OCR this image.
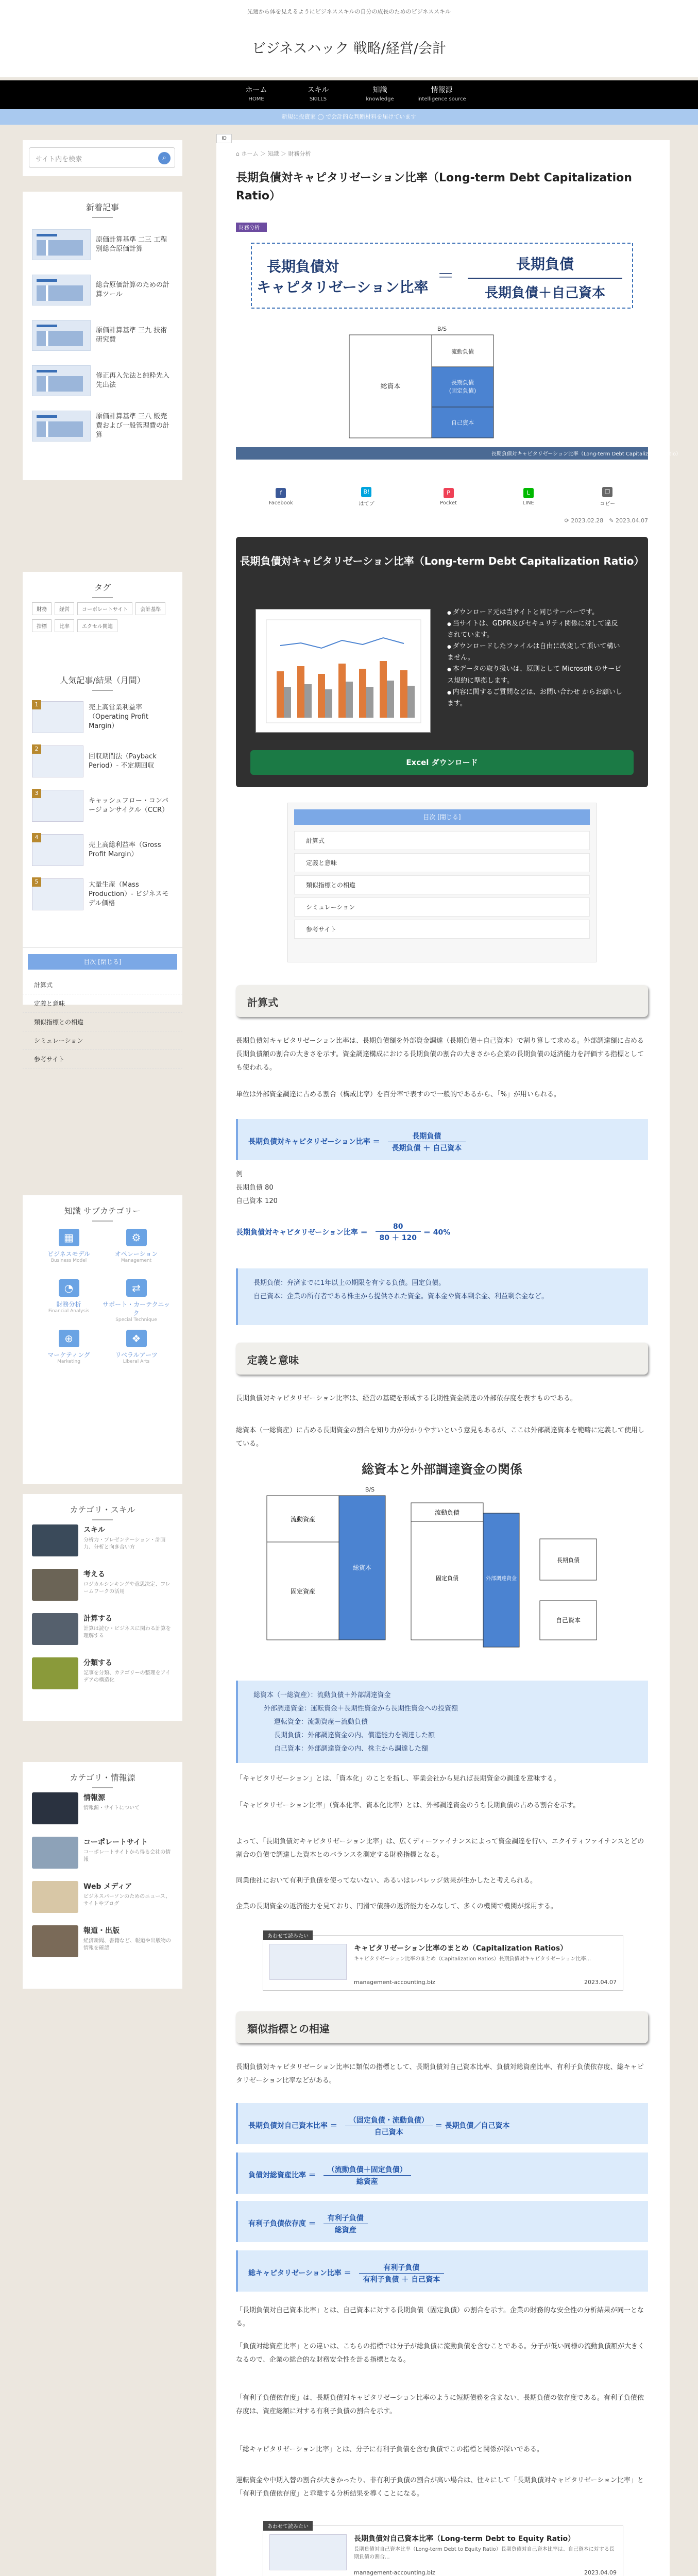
先週から体を見えるようにビジネススキルの自分の成長のためのビジネススキル
ビジネスハック 戦略/経営/会計
ホーム
HOME
スキル
SKILLS
知識
knowledge
情報源
intelligence source
新規に投資家 ◯ で会計的な判断材料を届けています
サイト内を検索	⌕
新着記事
原価計算基準 二三 工程別総合原価計算
総合原価計算のための計算ツール
原価計算基準 三九 技術研究費
修正再入先法と純粋先入先出法
原価計算基準 三八 販売費および一般管理費の計算
タグ
財務	経営	コーポレートサイト	会計基準
指標	比率	エクセル関連
人気記事/結果（月間）
1	売上高営業利益率（Operating Profit Margin）
2
回収期間法（Payback Period）- 不定期回収
3
キャッシュフロー・コンバージョンサイクル（CCR）
4
売上高総利益率（Gross Profit Margin）
5	大量生産（Mass Production）- ビジネスモデル価格
目次 [閉じる]
計算式
定義と意味
類似指標との相違
シミュレーション
参考サイト
知識 サブカテゴリー
▦
ビジネスモデル
Business Model
⚙
オペレーション
Management
◔
財務分析
Financial Analysis
⇄
サポート・カーテクニック
Special Technique
⊕
マーケティング
Marketing
❖
リベラルアーツ
Liberal Arts
カテゴリ・スキル
スキル
分析力・プレゼンテーション・計画力、分析と向き合い方
考える
ロジカルシンキングや意思決定、フレームワークの活用
計算する
計算は読む・ビジネスに関わる計算を理解する
分類する
記事を分類、カテゴリーの整理をアイデアの構造化
カテゴリ・情報源
情報源
情報源・サイトについて
コーポレートサイト
コーポレートサイトから得る会社の情報
Web メディア
ビジネスパーソンのためのニュース、サイトやブログ
報道・出版
経済新聞、書籍など、報道や出版物の情報を確認
ID
⌂ ホーム ＞ 知識 ＞ 財務分析
長期負債対キャピタリゼーション比率（Long-term Debt Capitalization Ratio）
長期負債対
キャピタリゼーション比率
＝
長期負債
長期負債＋自己資本
総資本
流動負債
長期負債
(固定負債)
自己資本
B/S
長期負債対キャピタリゼーション比率（Long-term Debt Capitalization Ratio）
財務分析
f
Facebook
B!
はてブ
P
Pocket
L
LINE
❐
コピー
⟳ 2023.02.28　✎ 2023.04.07
長期負債対キャピタリゼーション比率（Long-term Debt Capitalization Ratio）
● ダウンロード元は当サイトと同じサーバーです。
● 当サイトは、GDPR及びセキュリティ関係に対して違反されています。
● ダウンロードしたファイルは自由に改変して頂いて構いません。
● 本データの取り扱いは、原則として Microsoft のサービス規約に準拠します。
● 内容に関するご質問などは、お問い合わせ からお願いします。
Excel ダウンロード
目次 [閉じる]
計算式
定義と意味
類似指標との相違
シミュレーション
参考サイト
計算式
長期負債対キャピタリゼーション比率は、長期負債額を外部資金調達（長期負債＋自己資本）で割り算して求める。外部調達額に占める長期負債額の割合の大きさを示す。資金調達構成における長期負債の割合の大きさから企業の長期負債の返済能力を評価する指標としても使われる。
単位は外部資金調達に占める割合（構成比率）を百分率で表すので一般的であるから、「%」が用いられる。
長期負債対キャピタリゼーション比率 ＝ $\frac{\text{長期負債}}{\text{長期負債 ＋ 自己資本}}$
例
長期負債 80
自己資本 120
長期負債対キャピタリゼーション比率 ＝ $\frac{80}{80 + 120} = 40\%$
長期負債：弁済までに1年以上の期限を有する負債。固定負債。
自己資本：企業の所有者である株主から提供された資金。資本金や資本剰余金、利益剰余金など。
定義と意味
長期負債対キャピタリゼーション比率は、経営の基礎を形成する長期性資金調達の外部依存度を表すものである。
総資本（一総資産）に占める長期資金の割合を知り力が分かりやすいという意見もあるが、ここは外部調達資本を範疇に定義して使用している。
総資本と外部調達資金の関係
B/S
流動資産
固定資産
総資本
流動負債
固定負債	外部調達資金
長期負債
自己資本
総資本（一総資産）：流動負債＋外部調達資金
外部調達資金：運転資金＋長期性資金から長期性資金への投資額
運転資金：流動資産－流動負債
長期負債：外部調達資金の内、償還能力を調達した額
自己資本：外部調達資金の内、株主から調達した額
「キャピタリゼーション」とは、「資本化」のことを指し、事業会社から見れば長期資金の調達を意味する。
「キャピタリゼーション比率」（資本化率、資本化比率）とは、外部調達資金のうち長期負債の占める割合を示す。
よって、「長期負債対キャピタリゼーション比率」は、広くディーファイナンスによって資金調達を行い、エクイティファイナンスとどの割合の負債で調達した資本とのバランスを測定する財務指標となる。
同業他社において有利子負債を使ってないない、あるいはレバレッジ効果が生かしたと考えられる。
企業の長期資金の返済能力を見ており、円滑で債務の返済能力をみなして、多くの機関で機関が採用する。
あわせて読みたい
キャピタリゼーション比率のまとめ（Capitalization Ratios）
キャピタリゼーション比率のまとめ（Capitalization Ratios）長期負債対キャピタリゼーション比率...
management-accounting.biz	2023.04.07
類似指標との相違
長期負債対キャピタリゼーション比率に類似の指標として、長期負債対自己資本比率、負債対総資産比率、有利子負債依存度、総キャピタリゼーション比率などがある。
長期負債対自己資本比率 ＝ $\frac{\text{（固定負債・流動負債）}}{\text{自己資本}}$ ＝ 長期負債／自己資本
負債対総資産比率 ＝ $\frac{\text{（流動負債＋固定負債）}}{\text{総資産}}$
有利子負債依存度 ＝ $\frac{\text{有利子負債}}{\text{総資産}}$
総キャピタリゼーション比率 ＝ $\frac{\text{有利子負債}}{\text{有利子負債 ＋ 自己資本}}$
「長期負債対自己資本比率」とは、自己資本に対する長期負債（固定負債）の割合を示す。企業の財務的な安全性の分析結果が同一となる。
「負債対総資産比率」との違いは、こちらの指標では分子が総負債に流動負債を含むことである。分子が低い同様の流動負債額が大きくなるので、企業の総合的な財務安全性を計る指標となる。
「有利子負債依存度」は、長期負債対キャピタリゼーション比率のように短期債務を含まない、長期負債の依存度である。有利子負債依存度は、資産総額に対する有利子負債の割合を示す。
「総キャピタリゼーション比率」とは、分子に有利子負債を含む負債でこの指標と関係が深いである。
運転資金や中期入替の割合が大きかったり、非有利子負債の割合が高い場合は、往々にして「長期負債対キャピタリゼーション比率」と「有利子負債依存度」と乖離する分析結果を導くことになる。
あわせて読みたい
長期負債対自己資本比率（Long-term Debt to Equity Ratio）
長期負債対自己資本比率（Long-term Debt to Equity Ratio）長期負債対自己資本比率は、自己資本に対する長期負債の割合...
management-accounting.biz	2023.04.09
